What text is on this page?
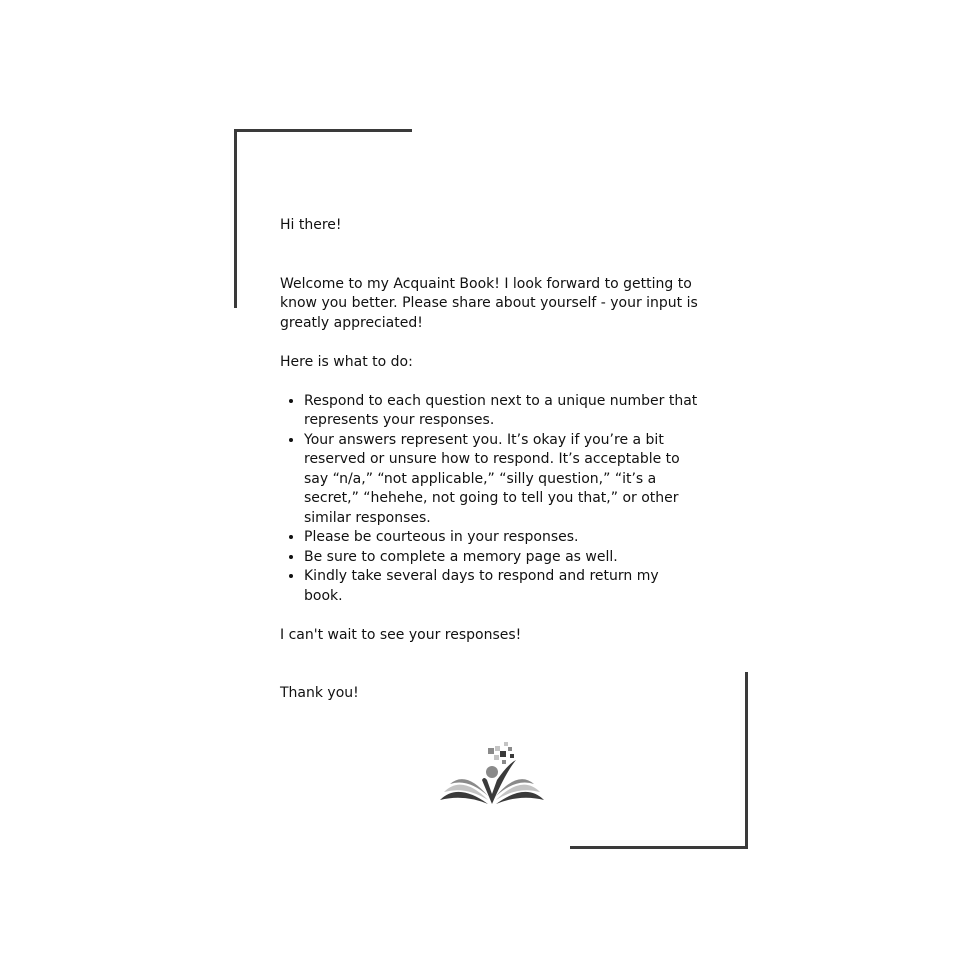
Hi there!

Welcome to my Acquaint Book! I look forward to getting to know you better. Please share about yourself - your input is greatly appreciated!

Here is what to do:

• Respond to each question next to a unique number that represents your responses.
• Your answers represent you. It’s okay if you’re a bit reserved or unsure how to respond. It’s acceptable to say “n/a,” “not applicable,” “silly question,” “it’s a secret,” “hehehe, not going to tell you that,” or other similar responses.
• Please be courteous in your responses.
• Be sure to complete a memory page as well.
• Kindly take several days to respond and return my book.

I can't wait to see your responses!

Thank you!
